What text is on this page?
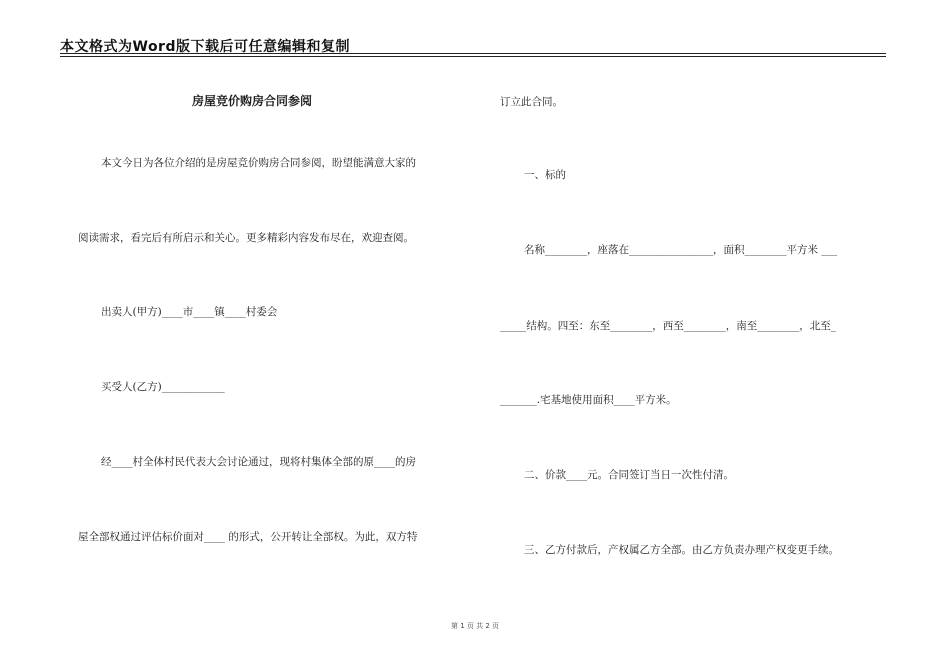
本文格式为Word版下载后可任意编辑和复制
房屋竞价购房合同参阅
本文今日为各位介绍的是房屋竞价购房合同参阅，盼望能满意大家的
阅读需求，看完后有所启示和关心。更多精彩内容发布尽在，欢迎查阅。
出卖人(甲方)____市____镇____村委会
买受人(乙方)____________
经____村全体村民代表大会讨论通过，现将村集体全部的原____的房
屋全部权通过评估标价面对____ 的形式，公开转让全部权。为此，双方特
订立此合同。
一、标的
名称________，座落在________________，面积________平方米 ___
_____结构。四至：东至________，西至________，南至________，北至_
_______.宅基地使用面积____平方米。
二、价款____元。合同签订当日一次性付清。
三、乙方付款后，产权属乙方全部。由乙方负责办理产权变更手续。
第 1 页 共 2 页
